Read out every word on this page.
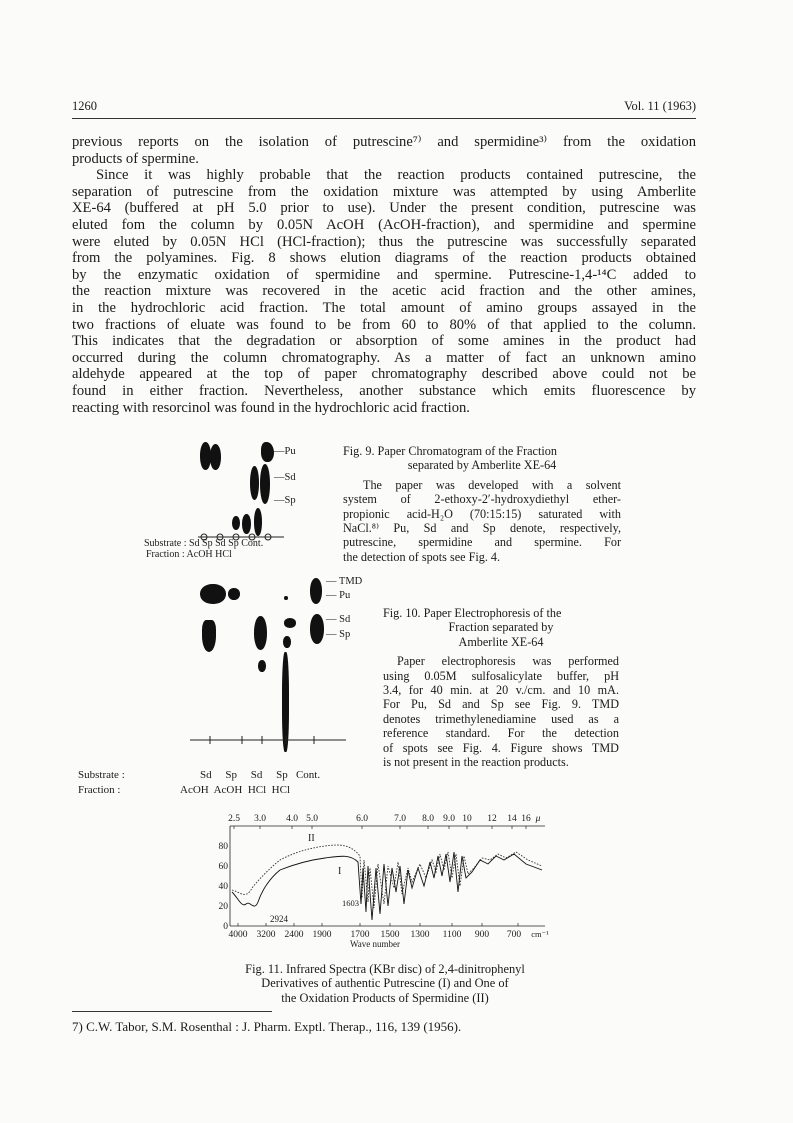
1260	Vol. 11 (1963)
previous reports on the isolation of putrescine⁷⁾ and spermidine³⁾ from the oxidation
products of spermine.
Since it was highly probable that the reaction products contained putrescine, the
separation of putrescine from the oxidation mixture was attempted by using Amberlite
XE-64 (buffered at pH 5.0 prior to use). Under the present condition, putrescine was
eluted fom the column by 0.05N AcOH (AcOH-fraction), and spermidine and spermine
were eluted by 0.05N HCl (HCl-fraction); thus the putrescine was successfully separated
from the polyamines. Fig. 8 shows elution diagrams of the reaction products obtained
by the enzymatic oxidation of spermidine and spermine. Putrescine-1,4-¹⁴C added to
the reaction mixture was recovered in the acetic acid fraction and the other amines,
in the hydrochloric acid fraction. The total amount of amino groups assayed in the
two fractions of eluate was found to be from 60 to 80% of that applied to the column.
This indicates that the degradation or absorption of some amines in the product had
occurred during the column chromatography. As a matter of fact an unknown amino
aldehyde appeared at the top of paper chromatography described above could not be
found in either fraction. Nevertheless, another substance which emits fluorescence by
reacting with resorcinol was found in the hydrochloric acid fraction.
—Pu
—Sd
—Sp
Substrate : Sd Sp Sd Sp Cont.
Fraction : AcOH HCl
Fig. 9. Paper Chromatogram of the Fraction
separated by Amberlite XE-64
The paper was developed with a solvent
system of 2-ethoxy-2′-hydroxydiethyl ether-
propionic acid-H₂O (70:15:15) saturated with
NaCl.⁸⁾ Pu, Sd and Sp denote, respectively,
putrescine, spermidine and spermine. For
the detection of spots see Fig. 4.
— TMD
— Pu
— Sd
— Sp
Substrate :	Sd     Sp     Sd     Sp   Cont.
Fraction :	AcOH  AcOH  HCl  HCl
Fig. 10. Paper Electrophoresis of the
Fraction separated by
Amberlite XE-64
Paper electrophoresis was performed
using 0.05M sulfosalicylate buffer, pH
3.4, for 40 min. at 20 v./cm. and 10 mA.
For Pu, Sd and Sp see Fig. 9. TMD
denotes trimethylenediamine used as a
reference standard. For the detection
of spots see Fig. 4. Figure shows TMD
is not present in the reaction products.
2.5 3.0 4.0 5.0	6.0	7.0 8.0 9.0 10 12 14 16 μ
80
60
40
20
0
4000 3200 2400 1900 1700 1500 1300 1100 900 700 cm⁻¹
Wave number
II
I
2924
1603
Fig. 11. Infrared Spectra (KBr disc) of 2,4-dinitrophenyl
Derivatives of authentic Putrescine (I) and One of
the Oxidation Products of Spermidine (II)
7) C.W. Tabor, S.M. Rosenthal : J. Pharm. Exptl. Therap., 116, 139 (1956).
